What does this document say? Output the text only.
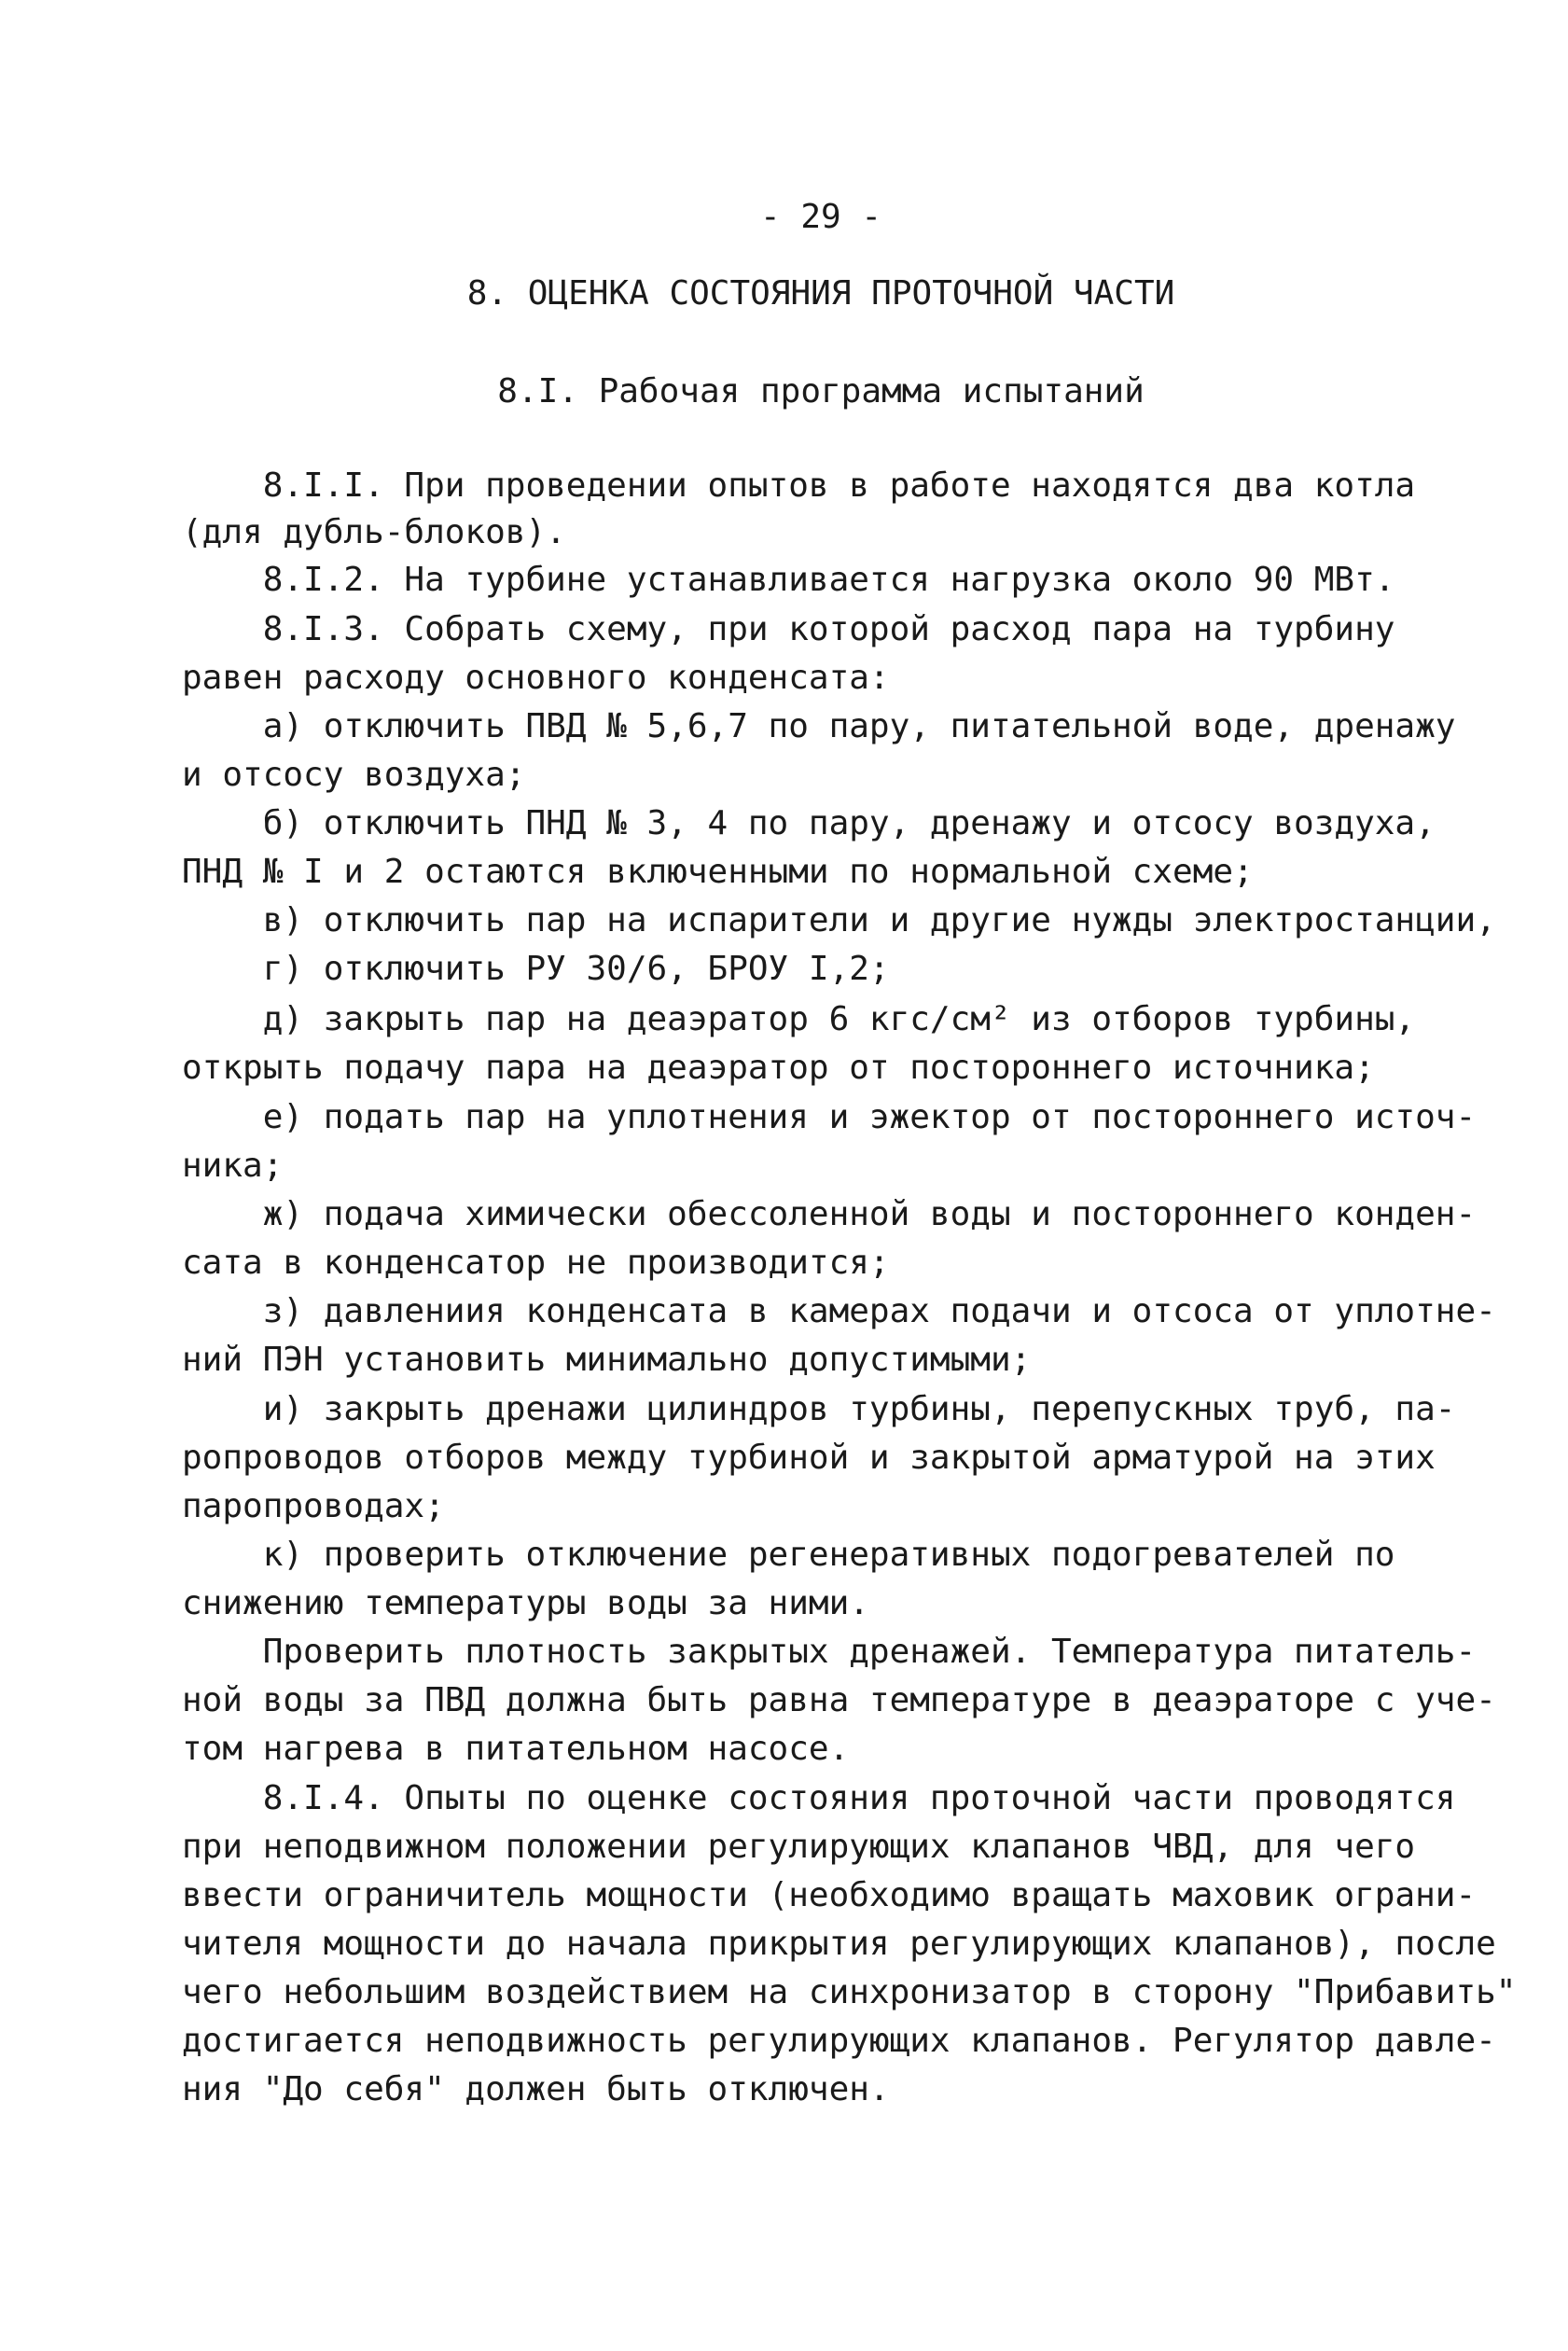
- 29 -
8. ОЦЕНКА СОСТОЯНИЯ ПРОТОЧНОЙ ЧАСТИ
8.I. Рабочая программа испытаний
8.I.I. При проведении опытов в работе находятся два котла
(для дубль-блоков).
8.I.2. На турбине устанавливается нагрузка около 90 МВт.
8.I.3. Собрать схему, при которой расход пара на турбину
равен расходу основного конденсата:
а) отключить ПВД № 5,6,7 по пару, питательной воде, дренажу
и отсосу воздуха;
б) отключить ПНД № 3, 4 по пару, дренажу и отсосу воздуха,
ПНД № I и 2 остаются включенными по нормальной схеме;
в) отключить пар на испарители и другие нужды электростанции,
г) отключить РУ 30/6, БРОУ I,2;
д) закрыть пар на деаэратор 6 кгс/см² из отборов турбины,
открыть подачу пара на деаэратор от постороннего источника;
е) подать пар на уплотнения и эжектор от постороннего источ-
ника;
ж) подача химически обессоленной воды и постороннего конден-
сата в конденсатор не производится;
з) давлениия конденсата в камерах подачи и отсоса от уплотне-
ний ПЭН установить минимально допустимыми;
и) закрыть дренажи цилиндров турбины, перепускных труб, па-
ропроводов отборов между турбиной и закрытой арматурой на этих
паропроводах;
к) проверить отключение регенеративных подогревателей по
снижению температуры воды за ними.
Проверить плотность закрытых дренажей. Температура питатель-
ной воды за ПВД должна быть равна температуре в деаэраторе с уче-
том нагрева в питательном насосе.
8.I.4. Опыты по оценке состояния проточной части проводятся
при неподвижном положении регулирующих клапанов ЧВД, для чего
ввести ограничитель мощности (необходимо вращать маховик ограни-
чителя мощности до начала прикрытия регулирующих клапанов), после
чего небольшим воздействием на синхронизатор в сторону "Прибавить"
достигается неподвижность регулирующих клапанов. Регулятор давле-
ния "До себя" должен быть отключен.
